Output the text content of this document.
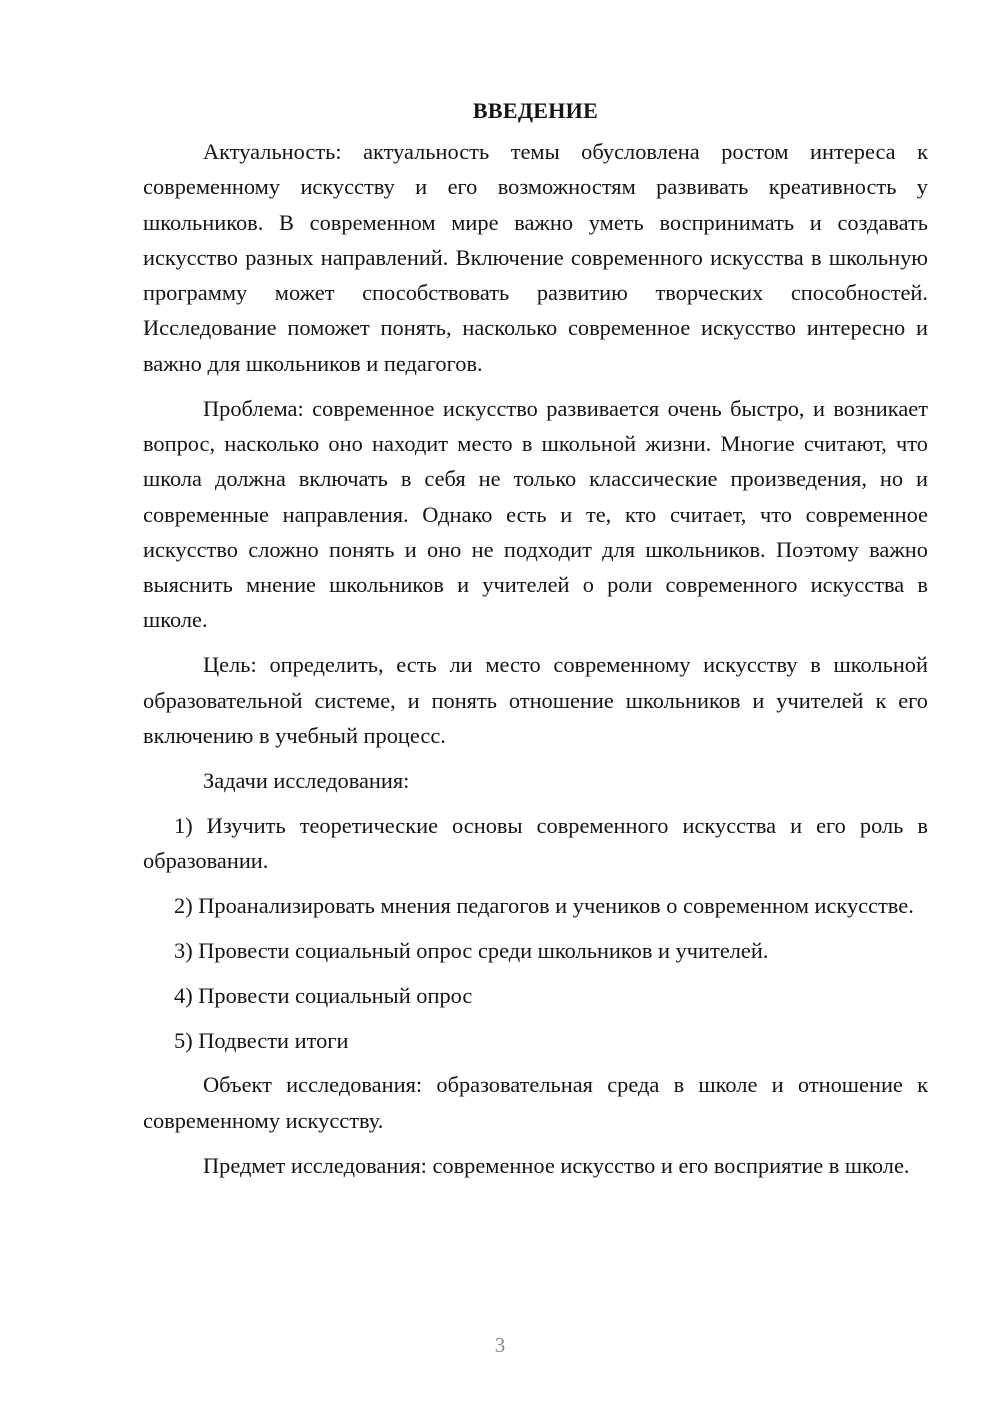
ВВЕДЕНИЕ

Актуальность: актуальность темы обусловлена ростом интереса к современному искусству и его возможностям развивать креативность у школьников. В современном мире важно уметь воспринимать и создавать искусство разных направлений. Включение современного искусства в школьную программу может способствовать развитию творческих способностей. Исследование поможет понять, насколько современное искусство интересно и важно для школьников и педагогов.

Проблема: современное искусство развивается очень быстро, и возникает вопрос, насколько оно находит место в школьной жизни. Многие считают, что школа должна включать в себя не только классические произведения, но и современные направления. Однако есть и те, кто считает, что современное искусство сложно понять и оно не подходит для школьников. Поэтому важно выяснить мнение школьников и учителей о роли современного искусства в школе.

Цель: определить, есть ли место современному искусству в школьной образовательной системе, и понять отношение школьников и учителей к его включению в учебный процесс.

Задачи исследования:

1) Изучить теоретические основы современного искусства и его роль в образовании.

2) Проанализировать мнения педагогов и учеников о современном искусстве.

3) Провести социальный опрос среди школьников и учителей.

4) Провести социальный опрос

5) Подвести итоги

Объект исследования: образовательная среда в школе и отношение к современному искусству.

Предмет исследования: современное искусство и его восприятие в школе.

3
